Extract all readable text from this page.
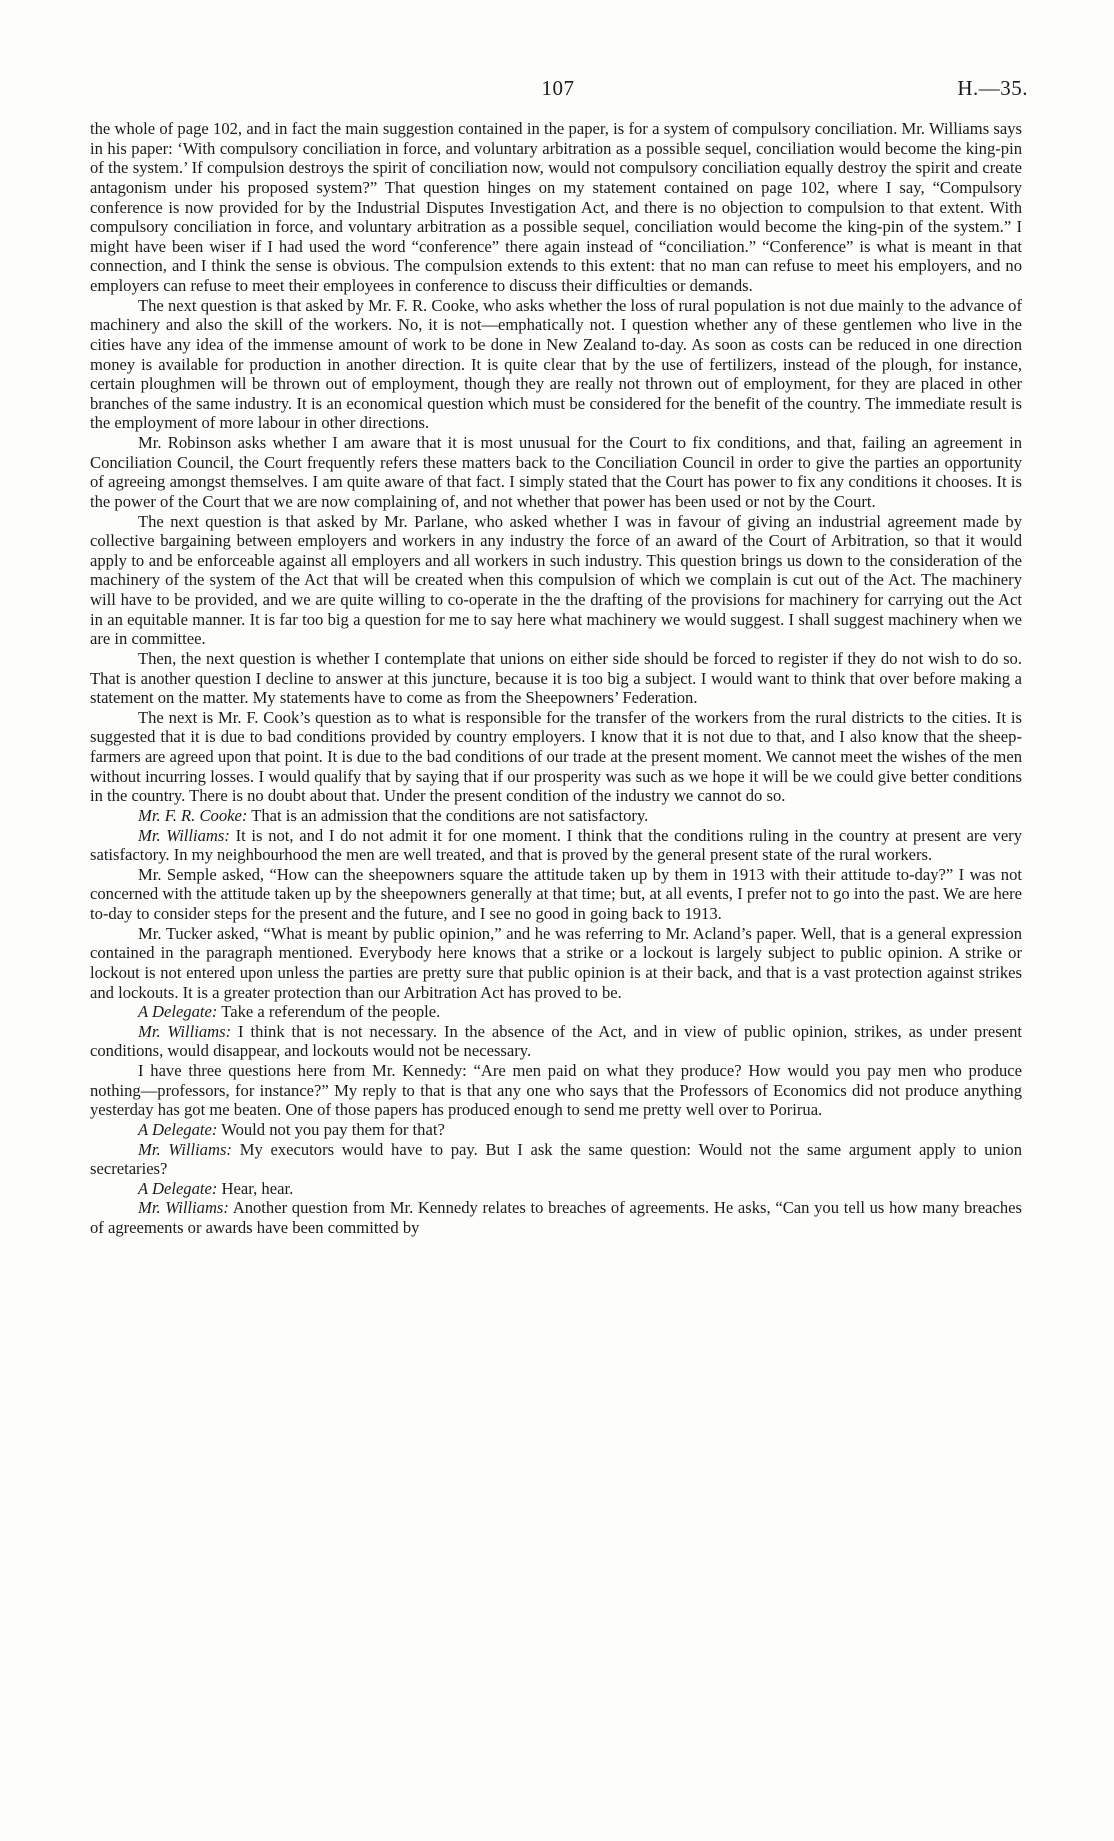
107	H.—35.

the whole of page 102, and in fact the main suggestion contained in the paper, is for a system of compulsory conciliation. Mr. Williams says in his paper: ‘With compulsory conciliation in force, and voluntary arbitration as a possible sequel, conciliation would become the king-pin of the system.’ If compulsion destroys the spirit of conciliation now, would not compulsory conciliation equally destroy the spirit and create antagonism under his proposed system?” That question hinges on my statement contained on page 102, where I say, “Compulsory conference is now provided for by the Industrial Disputes Investigation Act, and there is no objection to compulsion to that extent. With compulsory conciliation in force, and voluntary arbitration as a possible sequel, conciliation would become the king-pin of the system.” I might have been wiser if I had used the word “conference” there again instead of “conciliation.” “Conference” is what is meant in that connection, and I think the sense is obvious. The compulsion extends to this extent: that no man can refuse to meet his employers, and no employers can refuse to meet their employees in conference to discuss their difficulties or demands.

The next question is that asked by Mr. F. R. Cooke, who asks whether the loss of rural population is not due mainly to the advance of machinery and also the skill of the workers. No, it is not—emphatically not. I question whether any of these gentlemen who live in the cities have any idea of the immense amount of work to be done in New Zealand to-day. As soon as costs can be reduced in one direction money is available for production in another direction. It is quite clear that by the use of fertilizers, instead of the plough, for instance, certain ploughmen will be thrown out of employment, though they are really not thrown out of employment, for they are placed in other branches of the same industry. It is an economical question which must be considered for the benefit of the country. The immediate result is the employment of more labour in other directions.

Mr. Robinson asks whether I am aware that it is most unusual for the Court to fix conditions, and that, failing an agreement in Conciliation Council, the Court frequently refers these matters back to the Conciliation Council in order to give the parties an opportunity of agreeing amongst themselves. I am quite aware of that fact. I simply stated that the Court has power to fix any conditions it chooses. It is the power of the Court that we are now complaining of, and not whether that power has been used or not by the Court.

The next question is that asked by Mr. Parlane, who asked whether I was in favour of giving an industrial agreement made by collective bargaining between employers and workers in any industry the force of an award of the Court of Arbitration, so that it would apply to and be enforceable against all employers and all workers in such industry. This question brings us down to the consideration of the machinery of the system of the Act that will be created when this compulsion of which we complain is cut out of the Act. The machinery will have to be provided, and we are quite willing to co-operate in the the drafting of the provisions for machinery for carrying out the Act in an equitable manner. It is far too big a question for me to say here what machinery we would suggest. I shall suggest machinery when we are in committee.

Then, the next question is whether I contemplate that unions on either side should be forced to register if they do not wish to do so. That is another question I decline to answer at this juncture, because it is too big a subject. I would want to think that over before making a statement on the matter. My statements have to come as from the Sheepowners’ Federation.

The next is Mr. F. Cook’s question as to what is responsible for the transfer of the workers from the rural districts to the cities. It is suggested that it is due to bad conditions provided by country employers. I know that it is not due to that, and I also know that the sheep-farmers are agreed upon that point. It is due to the bad conditions of our trade at the present moment. We cannot meet the wishes of the men without incurring losses. I would qualify that by saying that if our prosperity was such as we hope it will be we could give better conditions in the country. There is no doubt about that. Under the present condition of the industry we cannot do so.

Mr. F. R. Cooke: That is an admission that the conditions are not satisfactory.

Mr. Williams: It is not, and I do not admit it for one moment. I think that the conditions ruling in the country at present are very satisfactory. In my neighbourhood the men are well treated, and that is proved by the general present state of the rural workers.

Mr. Semple asked, “How can the sheepowners square the attitude taken up by them in 1913 with their attitude to-day?” I was not concerned with the attitude taken up by the sheepowners generally at that time; but, at all events, I prefer not to go into the past. We are here to-day to consider steps for the present and the future, and I see no good in going back to 1913.

Mr. Tucker asked, “What is meant by public opinion,” and he was referring to Mr. Acland’s paper. Well, that is a general expression contained in the paragraph mentioned. Everybody here knows that a strike or a lockout is largely subject to public opinion. A strike or lockout is not entered upon unless the parties are pretty sure that public opinion is at their back, and that is a vast protection against strikes and lockouts. It is a greater protection than our Arbitration Act has proved to be.

A Delegate: Take a referendum of the people.

Mr. Williams: I think that is not necessary. In the absence of the Act, and in view of public opinion, strikes, as under present conditions, would disappear, and lockouts would not be necessary.

I have three questions here from Mr. Kennedy: “Are men paid on what they produce? How would you pay men who produce nothing—professors, for instance?” My reply to that is that any one who says that the Professors of Economics did not produce anything yesterday has got me beaten. One of those papers has produced enough to send me pretty well over to Porirua.

A Delegate: Would not you pay them for that?

Mr. Williams: My executors would have to pay. But I ask the same question: Would not the same argument apply to union secretaries?

A Delegate: Hear, hear.

Mr. Williams: Another question from Mr. Kennedy relates to breaches of agreements. He asks, “Can you tell us how many breaches of agreements or awards have been committed by
